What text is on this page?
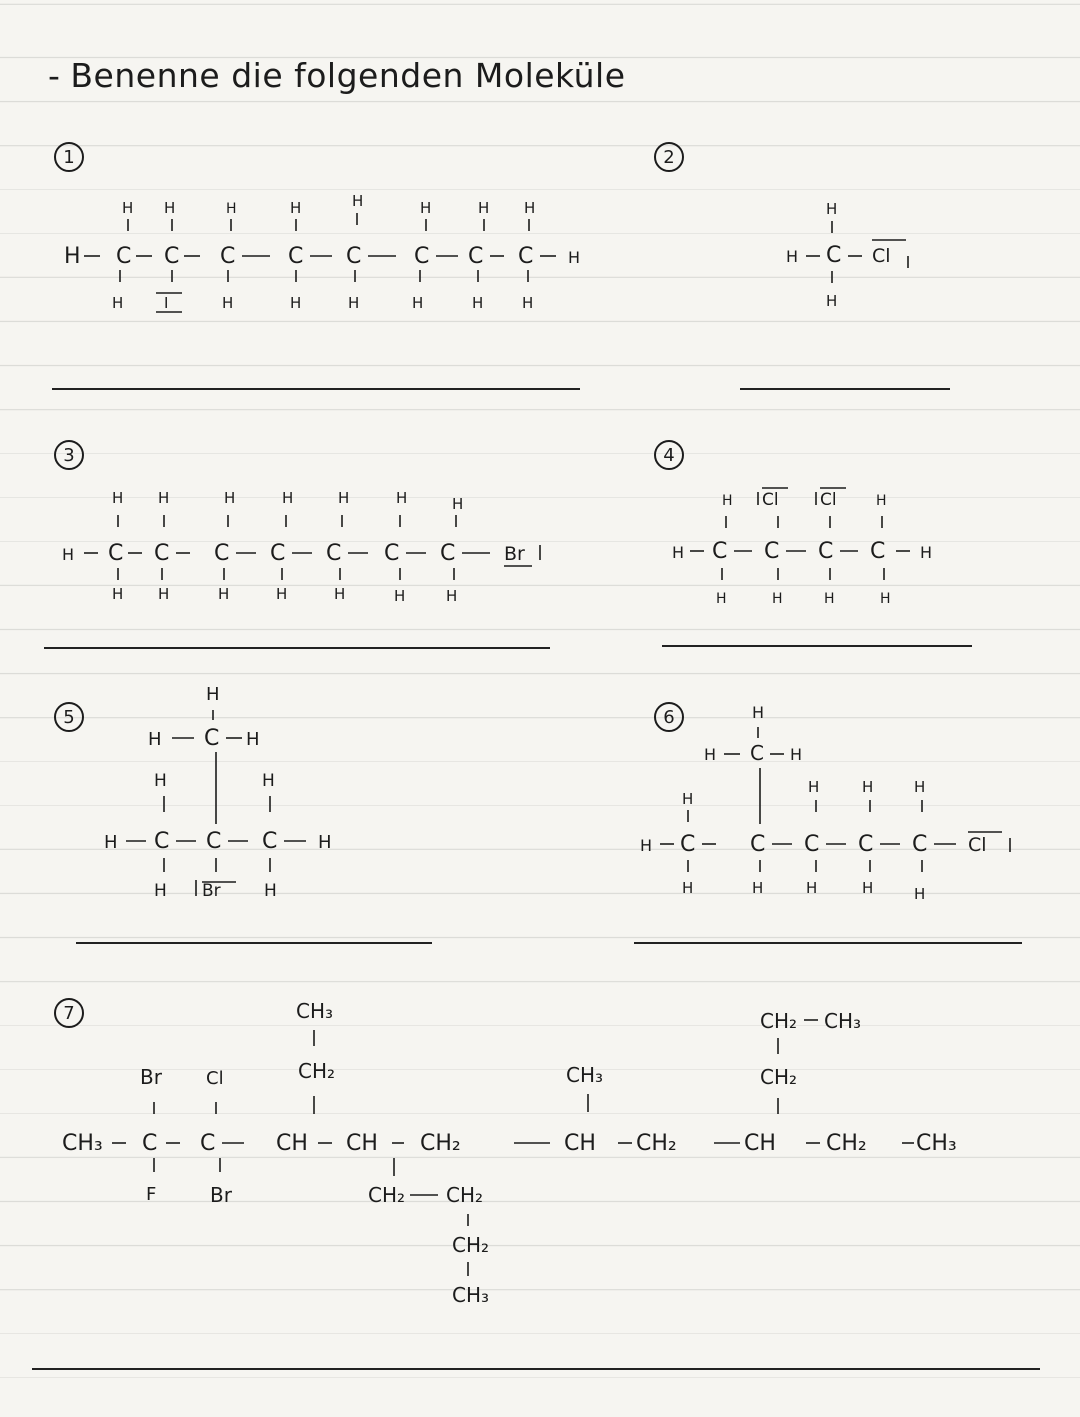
- Benenne die folgenden Moleküle
1	2
3	4
5	6
7
H C C C C C C C C H
H H	H	H	H	H	H H
H	I	H	H	H	H	H	H
H
H C Cl
H
H C C C C C C C	Br
H H	H	H	H	H	H
H H	H	H	H	H	H
H C C C C H
H Cl Cl	H
H	H	H	H
H
H C H
H	H
H C C C H
H Br	H
H
H C H
H
H	H	H
H C C C C C Cl
H	H	H	H	H
CH₃ C C	CH CH CH₂	CH CH₂	CH CH₂ CH₃
Br Cl
F	Br
CH₃
CH₂
CH₂ CH₂
CH₂
CH₃
CH₃
CH₂ CH₃
CH₂
